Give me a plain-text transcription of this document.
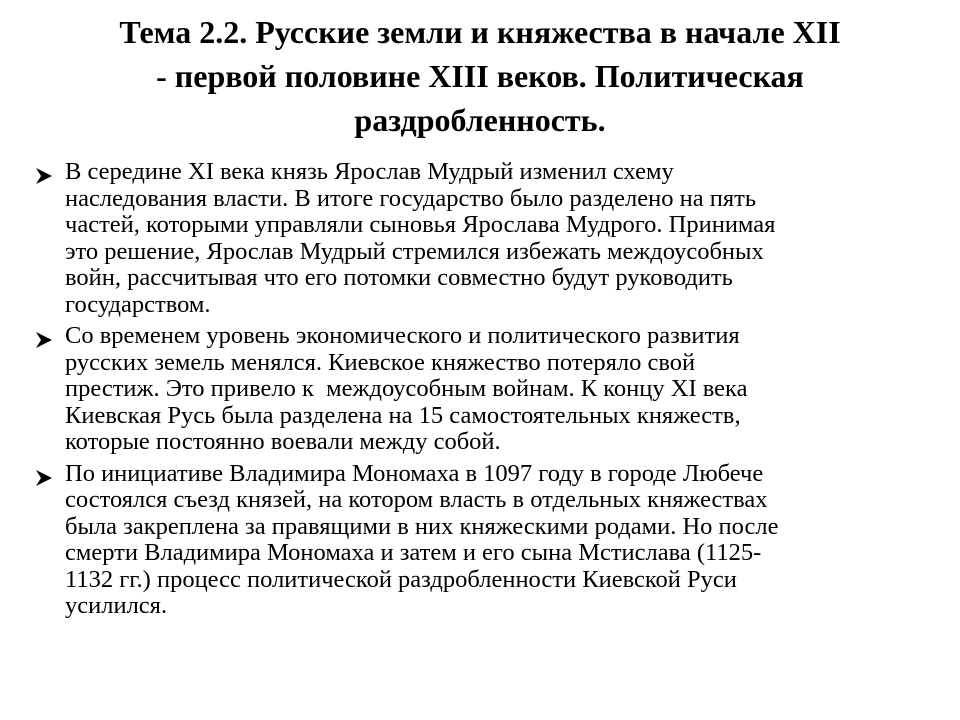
Тема 2.2. Русские земли и княжества в начале XII
- первой половине XIII веков. Политическая
раздробленность.
В середине XI века князь Ярослав Мудрый изменил схему
наследования власти. В итоге государство было разделено на пять
частей, которыми управляли сыновья Ярослава Мудрого. Принимая
это решение, Ярослав Мудрый стремился избежать междоусобных
войн, рассчитывая что его потомки совместно будут руководить
государством.
Со временем уровень экономического и политического развития
русских земель менялся. Киевское княжество потеряло свой
престиж. Это привело к  междоусобным войнам. К концу XI века
Киевская Русь была разделена на 15 самостоятельных княжеств,
которые постоянно воевали между собой.
По инициативе Владимира Мономаха в 1097 году в городе Любече
состоялся съезд князей, на котором власть в отдельных княжествах
была закреплена за правящими в них княжескими родами. Но после
смерти Владимира Мономаха и затем и его сына Мстислава (1125-
1132 гг.) процесс политической раздробленности Киевской Руси
усилился.
